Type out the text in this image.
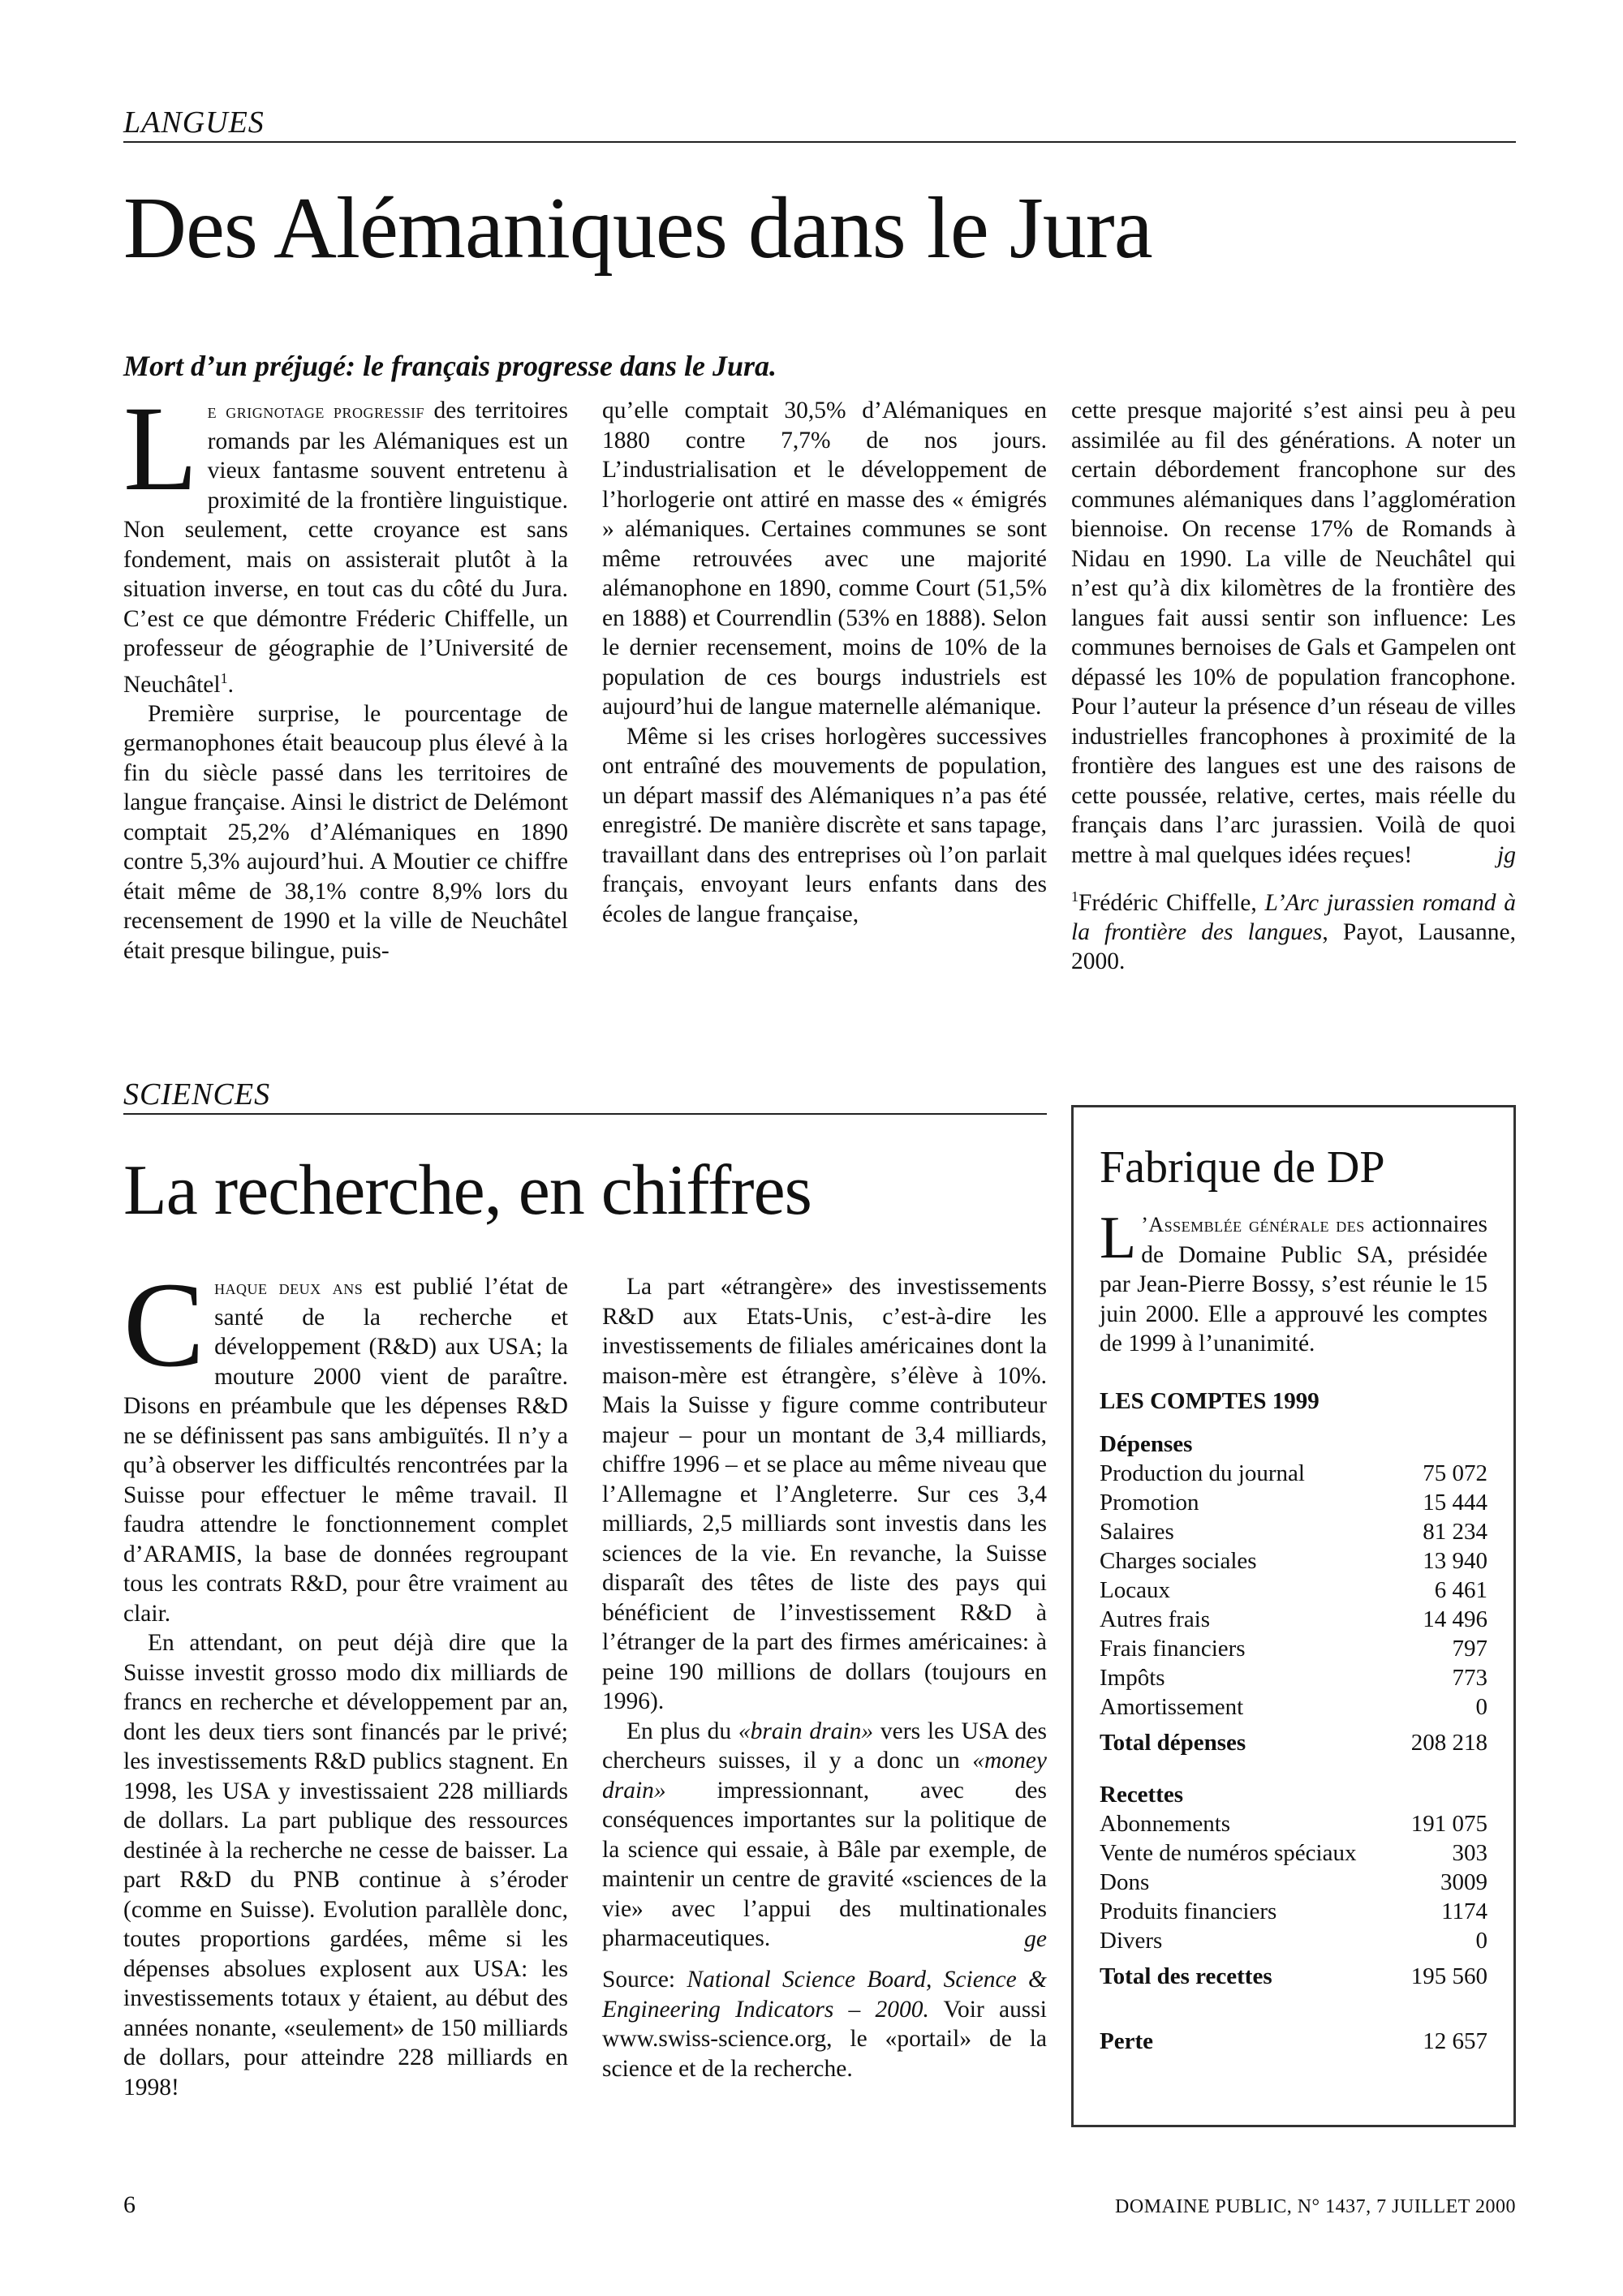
LANGUES
Des Alémaniques dans le Jura
Mort d’un préjugé: le français progresse dans le Jura.

Le grignotage progressif des territoires romands par les Alémaniques est un vieux fantasme souvent entretenu à proximité de la frontière linguistique. Non seulement, cette croyance est sans fondement, mais on assisterait plutôt à la situation inverse, en tout cas du côté du Jura. C’est ce que démontre Fréderic Chiffelle, un professeur de géographie de l’Université de Neuchâtel$^1$.

Première surprise, le pourcentage de germanophones était beaucoup plus élevé à la fin du siècle passé dans les territoires de langue française. Ainsi le district de Delémont comptait 25,2% d’Alémaniques en 1890 contre 5,3% aujourd’hui. A Moutier ce chiffre était même de 38,1% contre 8,9% lors du recensement de 1990 et la ville de Neuchâtel était presque bilingue, puis-

qu’elle comptait 30,5% d’Alémaniques en 1880 contre 7,7% de nos jours. L’industrialisation et le développement de l’horlogerie ont attiré en masse des « émigrés » alémaniques. Certaines communes se sont même retrouvées avec une majorité alémanophone en 1890, comme Court (51,5% en 1888) et Courrendlin (53% en 1888). Selon le dernier recensement, moins de 10% de la population de ces bourgs industriels est aujourd’hui de langue maternelle alémanique.

Même si les crises horlogères successives ont entraîné des mouvements de population, un départ massif des Alémaniques n’a pas été enregistré. De manière discrète et sans tapage, travaillant dans des entreprises où l’on parlait français, envoyant leurs enfants dans des écoles de langue française,

cette presque majorité s’est ainsi peu à peu assimilée au fil des générations. A noter un certain débordement francophone sur des communes alémaniques dans l’agglomération biennoise. On recense 17% de Romands à Nidau en 1990. La ville de Neuchâtel qui n’est qu’à dix kilomètres de la frontière des langues fait aussi sentir son influence: Les communes bernoises de Gals et Gampelen ont dépassé les 10% de population francophone. Pour l’auteur la présence d’un réseau de villes industrielles francophones à proximité de la frontière des langues est une des raisons de cette poussée, relative, certes, mais réelle du français dans l’arc jurassien. Voilà de quoi mettre à mal quelques idées reçues!	jg

$^1$Frédéric Chiffelle, L’Arc jurassien romand à la frontière des langues, Payot, Lausanne, 2000.

SCIENCES
La recherche, en chiffres

Chaque deux ans est publié l’état de santé de la recherche et développement (R&D) aux USA; la mouture 2000 vient de paraître. Disons en préambule que les dépenses R&D ne se définissent pas sans ambiguïtés. Il n’y a qu’à observer les difficultés rencontrées par la Suisse pour effectuer le même travail. Il faudra attendre le fonctionnement complet d’ARAMIS, la base de données regroupant tous les contrats R&D, pour être vraiment au clair.

En attendant, on peut déjà dire que la Suisse investit grosso modo dix milliards de francs en recherche et développement par an, dont les deux tiers sont financés par le privé; les investissements R&D publics stagnent. En 1998, les USA y investissaient 228 milliards de dollars. La part publique des ressources destinée à la recherche ne cesse de baisser. La part R&D du PNB continue à s’éroder (comme en Suisse). Evolution parallèle donc, toutes proportions gardées, même si les dépenses absolues explosent aux USA: les investissements totaux y étaient, au début des années nonante, «seulement» de 150 milliards de dollars, pour atteindre 228 milliards en 1998!

La part «étrangère» des investissements R&D aux Etats-Unis, c’est-à-dire les investissements de filiales américaines dont la maison-mère est étrangère, s’élève à 10%. Mais la Suisse y figure comme contributeur majeur – pour un montant de 3,4 milliards, chiffre 1996 – et se place au même niveau que l’Allemagne et l’Angleterre. Sur ces 3,4 milliards, 2,5 milliards sont investis dans les sciences de la vie. En revanche, la Suisse disparaît des têtes de liste des pays qui bénéficient de l’investissement R&D à l’étranger de la part des firmes américaines: à peine 190 millions de dollars (toujours en 1996).

En plus du «brain drain» vers les USA des chercheurs suisses, il y a donc un «money drain» impressionnant, avec des conséquences importantes sur la politique de la science qui essaie, à Bâle par exemple, de maintenir un centre de gravité «sciences de la vie» avec l’appui des multinationales pharmaceutiques.	ge

Source: National Science Board, Science & Engineering Indicators – 2000. Voir aussi www.swiss-science.org, le «portail» de la science et de la recherche.

Fabrique de DP

L ’Assemblée générale des actionnaires de Domaine Public SA, présidée par Jean-Pierre Bossy, s’est réunie le 15 juin 2000. Elle a approuvé les comptes de 1999 à l’unanimité.

LES COMPTES 1999
Dépenses
Production du journal	75 072
Promotion	15 444
Salaires	81 234
Charges sociales	13 940
Locaux	6 461
Autres frais	14 496
Frais financiers	797
Impôts	773
Amortissement	0
Total dépenses	208 218
Recettes
Abonnements	191 075
Vente de numéros spéciaux	303
Dons	3009
Produits financiers	1174
Divers	0
Total des recettes	195 560
Perte	12 657
6	DOMAINE PUBLIC, N° 1437, 7 JUILLET 2000
